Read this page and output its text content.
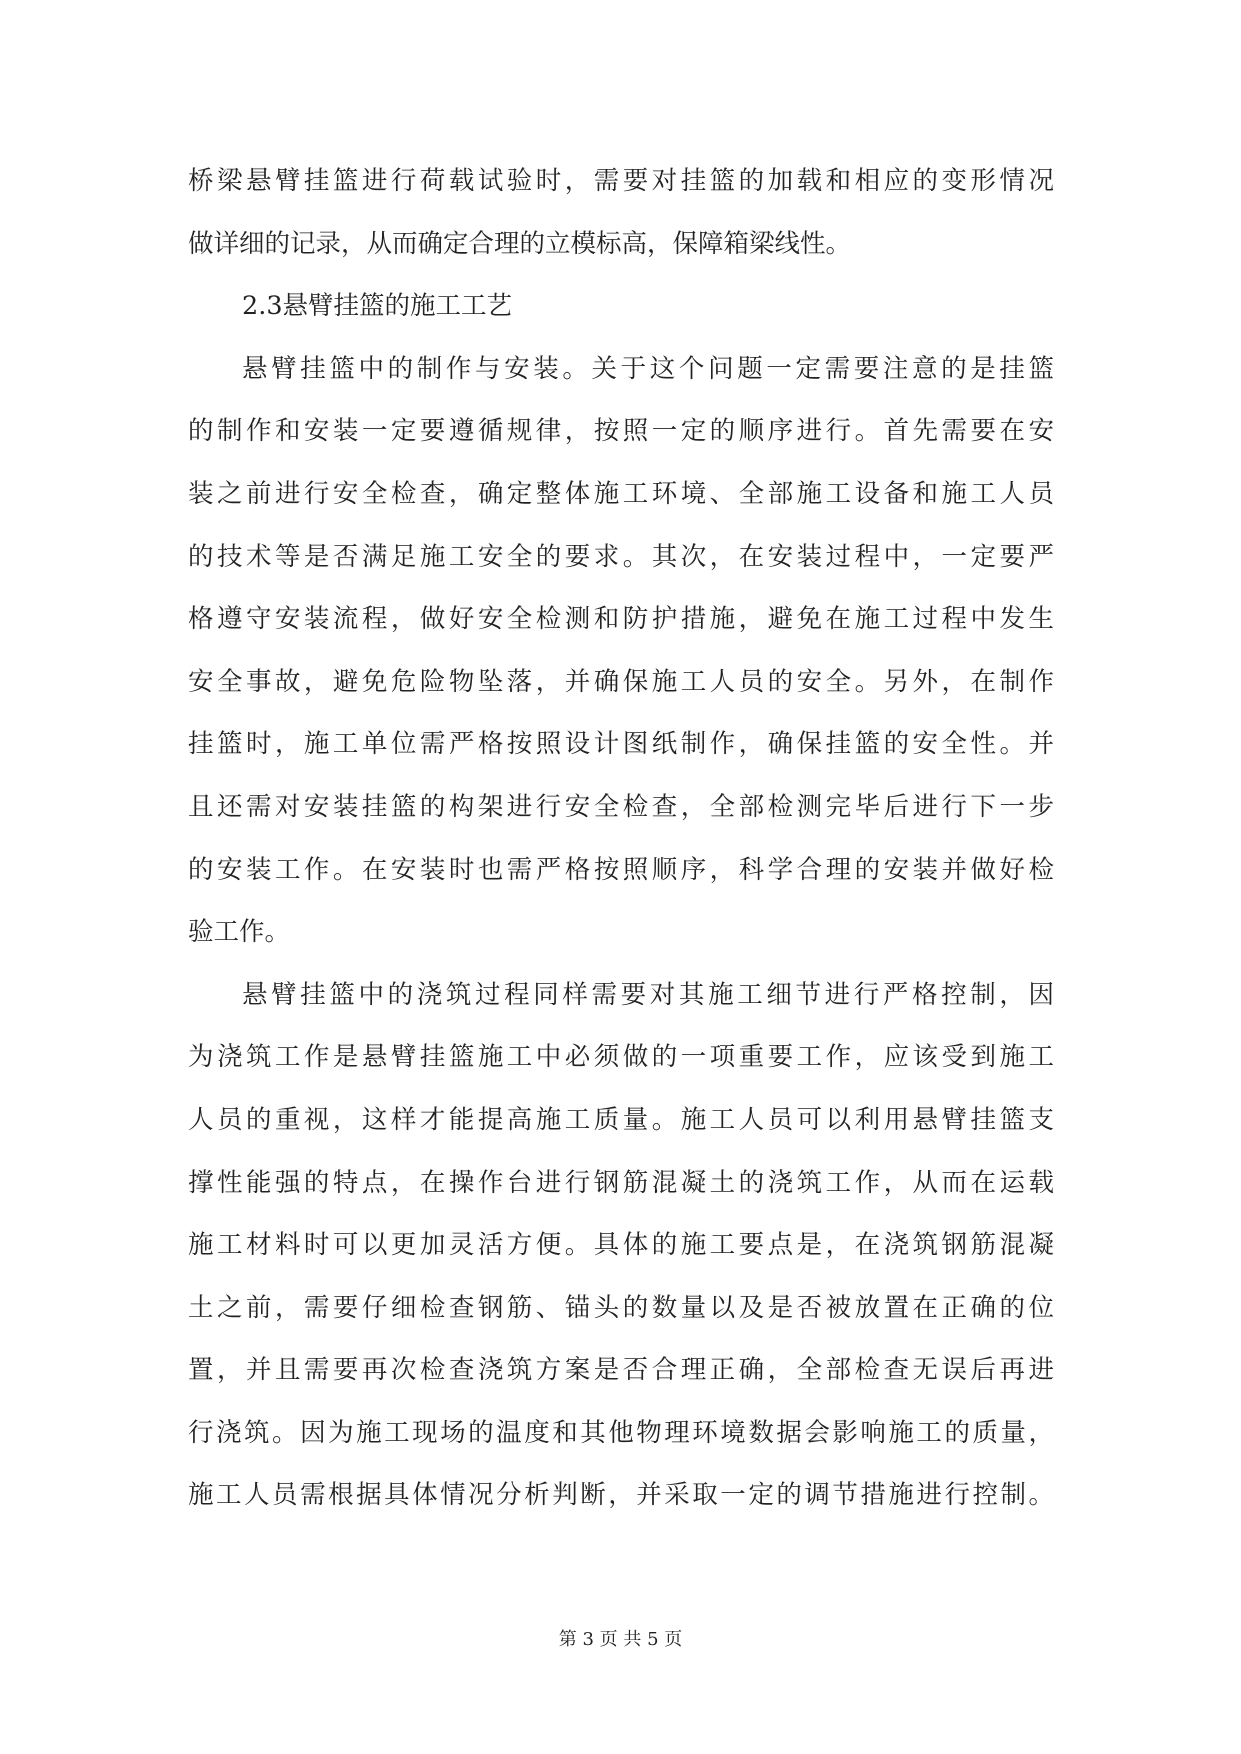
桥梁悬臂挂篮进行荷载试验时，需要对挂篮的加载和相应的变形情况
做详细的记录，从而确定合理的立模标高，保障箱梁线性。
2.3悬臂挂篮的施工工艺
悬臂挂篮中的制作与安装。关于这个问题一定需要注意的是挂篮
的制作和安装一定要遵循规律，按照一定的顺序进行。首先需要在安
装之前进行安全检查，确定整体施工环境、全部施工设备和施工人员
的技术等是否满足施工安全的要求。其次，在安装过程中，一定要严
格遵守安装流程，做好安全检测和防护措施，避免在施工过程中发生
安全事故，避免危险物坠落，并确保施工人员的安全。另外，在制作
挂篮时，施工单位需严格按照设计图纸制作，确保挂篮的安全性。并
且还需对安装挂篮的构架进行安全检查，全部检测完毕后进行下一步
的安装工作。在安装时也需严格按照顺序，科学合理的安装并做好检
验工作。
悬臂挂篮中的浇筑过程同样需要对其施工细节进行严格控制，因
为浇筑工作是悬臂挂篮施工中必须做的一项重要工作，应该受到施工
人员的重视，这样才能提高施工质量。施工人员可以利用悬臂挂篮支
撑性能强的特点，在操作台进行钢筋混凝土的浇筑工作，从而在运载
施工材料时可以更加灵活方便。具体的施工要点是，在浇筑钢筋混凝
土之前，需要仔细检查钢筋、锚头的数量以及是否被放置在正确的位
置，并且需要再次检查浇筑方案是否合理正确，全部检查无误后再进
行浇筑。因为施工现场的温度和其他物理环境数据会影响施工的质量，
施工人员需根据具体情况分析判断，并采取一定的调节措施进行控制。
第 3 页 共 5 页
